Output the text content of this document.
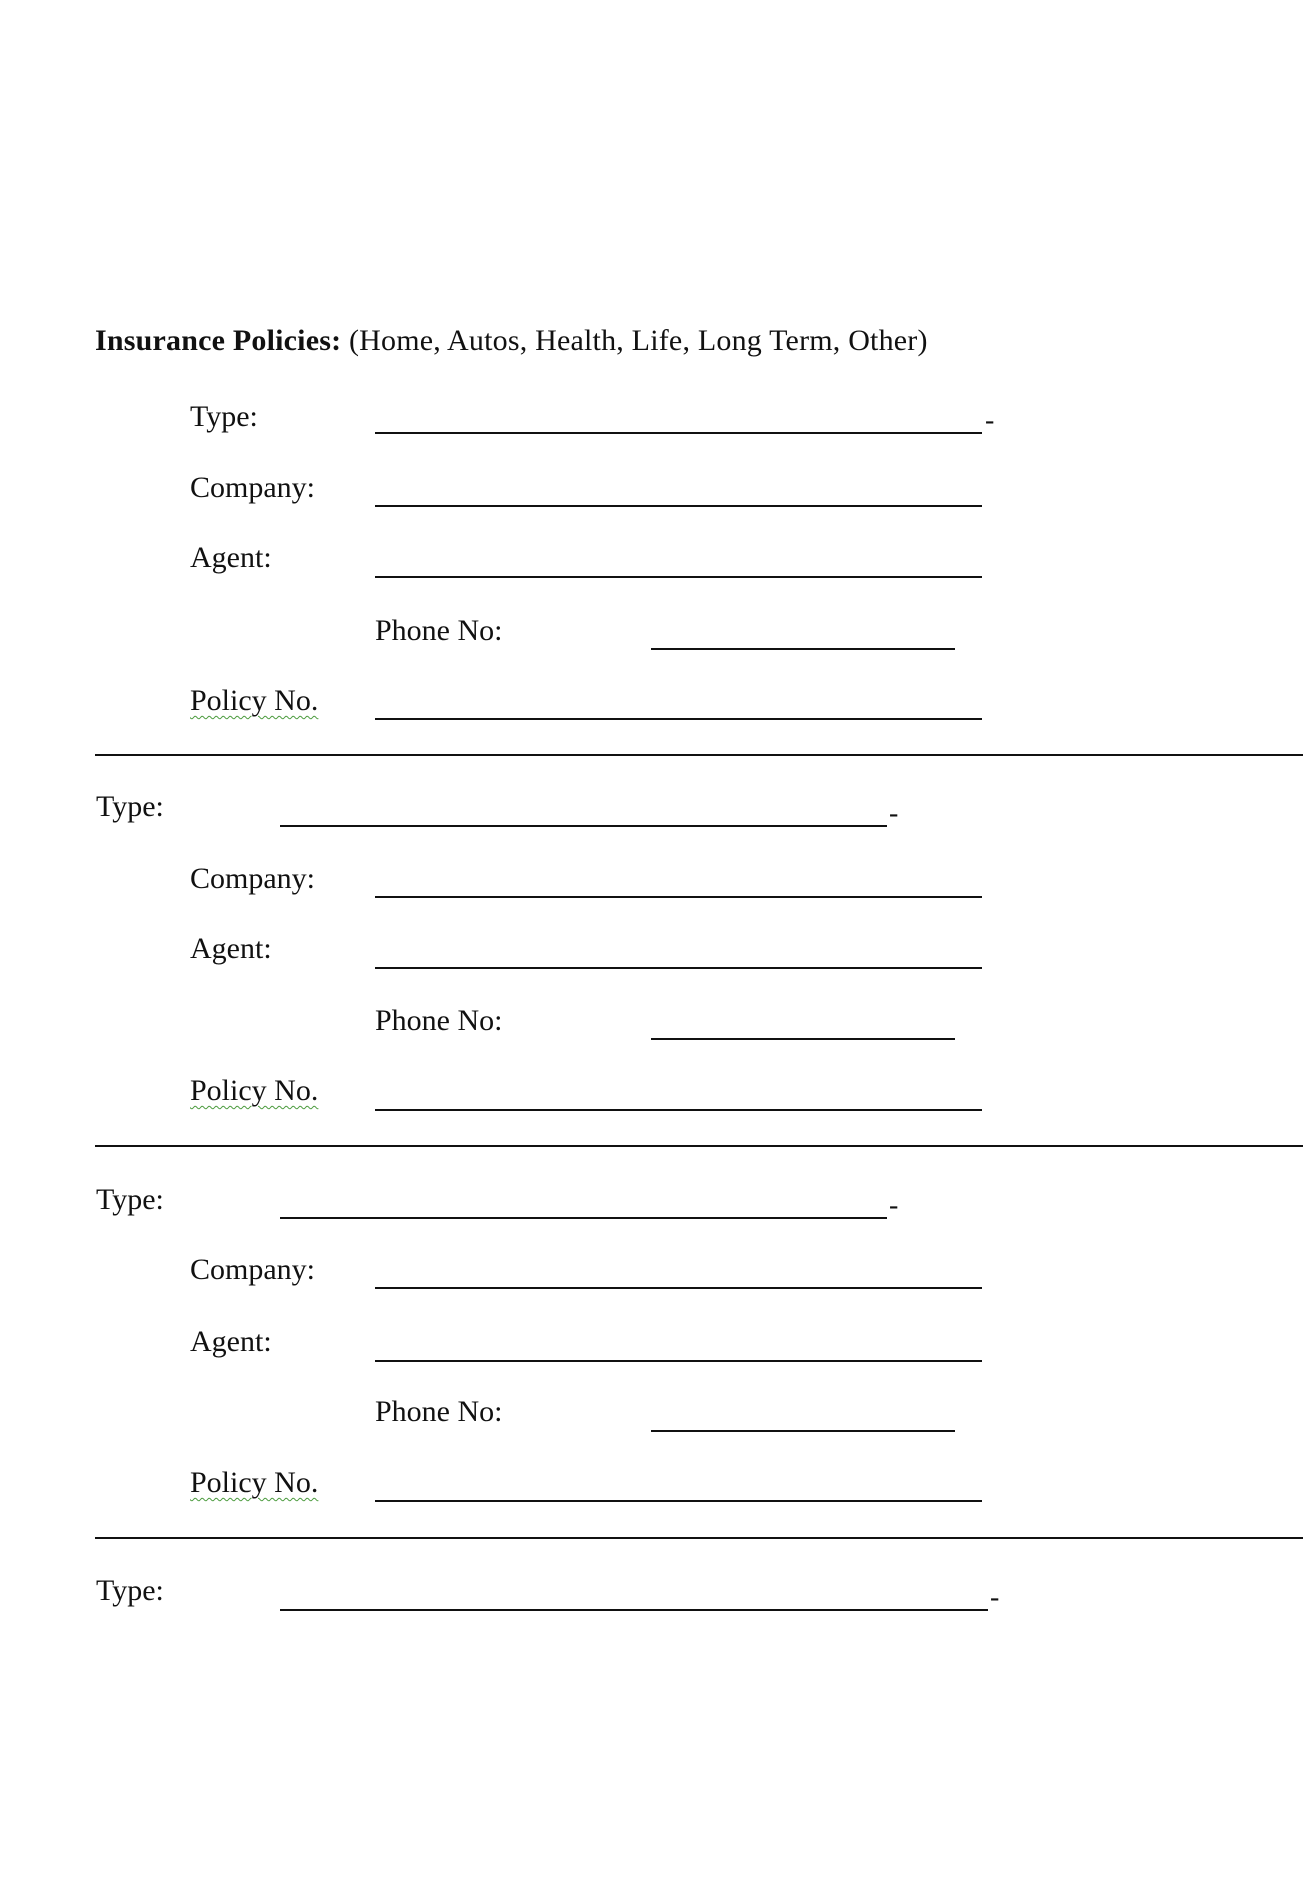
Insurance Policies: (Home, Autos, Health, Life, Long Term, Other)
Type:	-
Company:
Agent:
Phone No:
Policy No.
Type:	-
Company:
Agent:
Phone No:
Policy No.
Type:	-
Company:
Agent:
Phone No:
Policy No.
Type:	-
